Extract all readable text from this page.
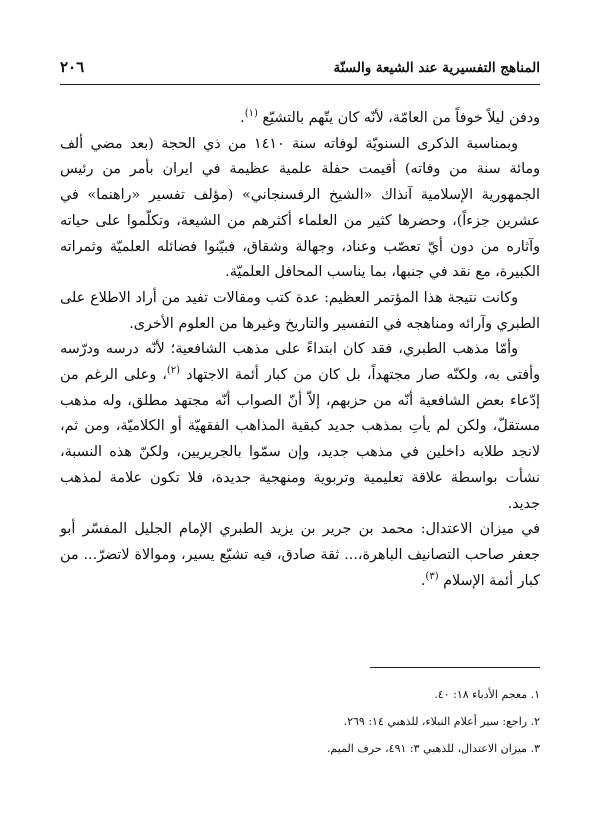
المناهج التفسيرية عند الشيعة والسنّة
٢٠٦

ودفن ليلاً خوفاً من العامّة، لأنّه كان يتّهم بالتشيّع $^{(١)}$.

وبمناسبة الذكرى السنويّة لوفاته سنة ١٤١٠ من ذي الحجة (بعد مضي ألف ومائة سنة من وفاته) أقيمت حفلة علمية عظيمة في ايران بأمر من رئيس الجمهورية الإسلامية آنذاك «الشيخ الرفسنجاني» (مؤلف تفسير «راهنما» في عشرين جزءاً)، وحضرها كثير من العلماء أكثرهم من الشيعة، وتكلّموا على حياته وآثاره من دون أيّ تعصّب وعناد، وجهالة وشقاق، فبيّنوا فضائله العلميّة وثمراته الكبيرة، مع نقد في جنبها، بما يناسب المحافل العلميّة.

وكانت نتيجة هذا المؤتمر العظيم: عدة كتب ومقالات تفيد من أراد الاطلاع على الطبري وآرائه ومناهجه في التفسير والتاريخ وغيرها من العلوم الأخرى.

وأمّا مذهب الطبري، فقد كان ابتداءً على مذهب الشافعية؛ لأنّه درسه ودرّسه وأفتى به، ولكنّه صار مجتهداً، بل كان من كبار أئمة الاجتهاد $^{(٢)}$، وعلى الرغم من إدّعاء بعض الشافعية أنّه من حزبهم، إلاّ أنّ الصواب أنّه مجتهد مطلق، وله مذهب مستقلّ، ولكن لم يأتِ بمذهب جديد كبقية المذاهب الفقهيّة أو الكلاميّة، ومن ثم، لانجد طلابه داخلين في مذهب جديد، وإن سمّوا بالجريريين، ولكنّ هذه النسبة، نشأت بواسطة علاقة تعليمية وتربوية ومنهجية جديدة، فلا تكون علامة لمذهب جديد.

في ميزان الاعتدال: محمد بن جرير بن يزيد الطبري الإمام الجليل المفسّر أبو جعفر صاحب التصانيف الباهرة،... ثقة صادق، فيه تشيّع يسير، وموالاة لاتضرّ... من كبار أئمة الإسلام $^{(٣)}$.

١. معجم الأدباء ١٨: ٤٠.
٢. راجع: سير أعلام النبلاء، للذهبي ١٤: ٢٦٩.
٣. ميزان الاعتدال، للذهبي ٣: ٤٩١، حرف الميم.
